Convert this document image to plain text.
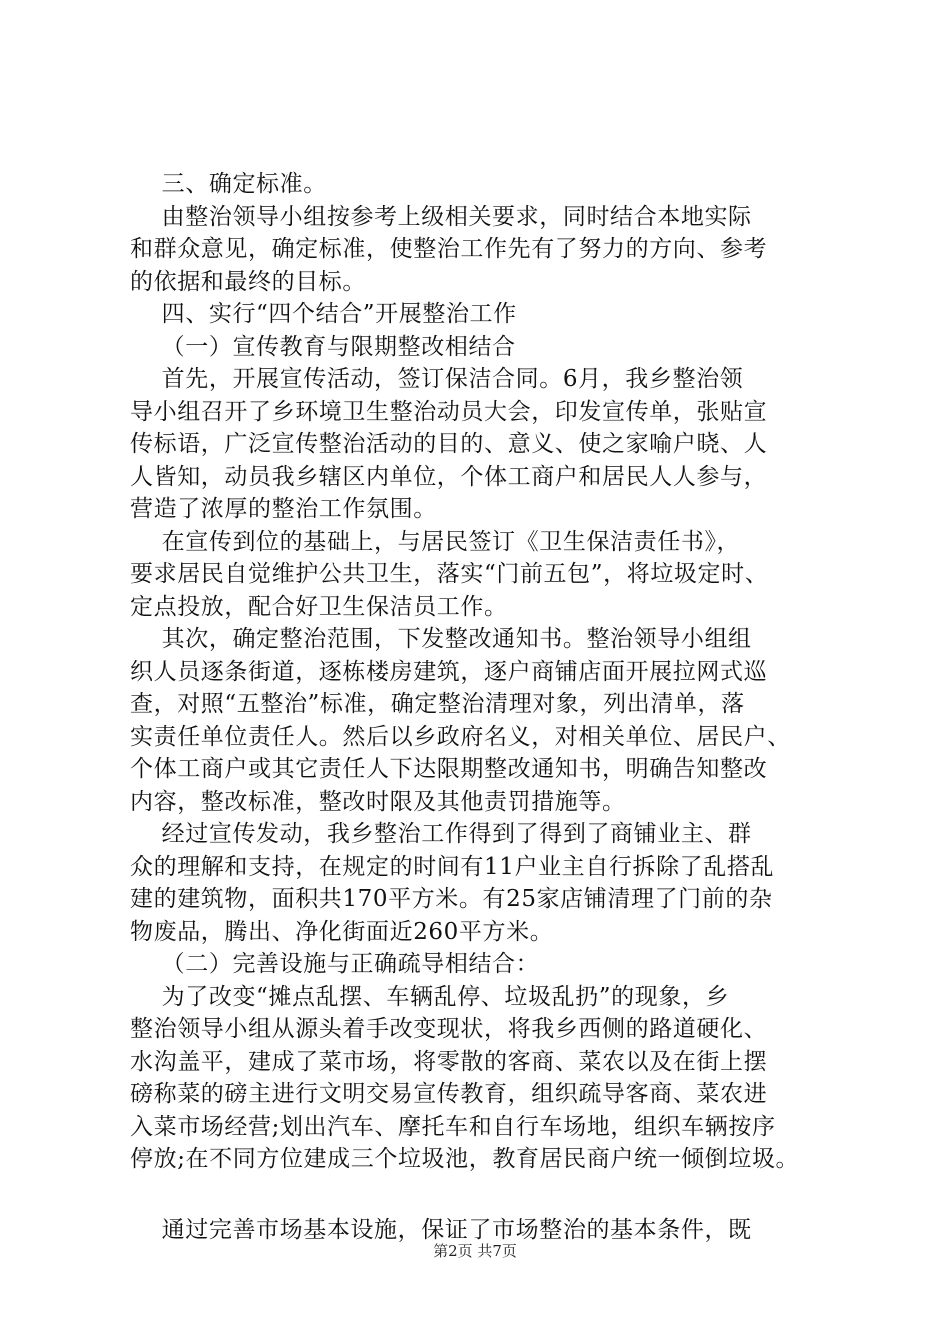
三、确定标准。
由整治领导小组按参考上级相关要求，同时结合本地实际
和群众意见，确定标准，使整治工作先有了努力的方向、参考
的依据和最终的目标。
四、实行“四个结合”开展整治工作
（一）宣传教育与限期整改相结合
首先，开展宣传活动，签订保洁合同。6月，我乡整治领
导小组召开了乡环境卫生整治动员大会，印发宣传单，张贴宣
传标语，广泛宣传整治活动的目的、意义、使之家喻户晓、人
人皆知，动员我乡辖区内单位，个体工商户和居民人人参与，
营造了浓厚的整治工作氛围。
在宣传到位的基础上，与居民签订《卫生保洁责任书》，
要求居民自觉维护公共卫生，落实“门前五包”，将垃圾定时、
定点投放，配合好卫生保洁员工作。
其次，确定整治范围，下发整改通知书。整治领导小组组
织人员逐条街道，逐栋楼房建筑，逐户商铺店面开展拉网式巡
查，对照“五整治”标准，确定整治清理对象，列出清单，落
实责任单位责任人。然后以乡政府名义，对相关单位、居民户、
个体工商户或其它责任人下达限期整改通知书，明确告知整改
内容，整改标准，整改时限及其他责罚措施等。
经过宣传发动，我乡整治工作得到了得到了商铺业主、群
众的理解和支持，在规定的时间有11户业主自行拆除了乱搭乱
建的建筑物，面积共170平方米。有25家店铺清理了门前的杂
物废品，腾出、净化街面近260平方米。
（二）完善设施与正确疏导相结合：
为了改变“摊点乱摆、车辆乱停、垃圾乱扔”的现象，乡
整治领导小组从源头着手改变现状，将我乡西侧的路道硬化、
水沟盖平，建成了菜市场，将零散的客商、菜农以及在街上摆
磅称菜的磅主进行文明交易宣传教育，组织疏导客商、菜农进
入菜市场经营;划出汽车、摩托车和自行车场地，组织车辆按序
停放;在不同方位建成三个垃圾池，教育居民商户统一倾倒垃圾。
通过完善市场基本设施，保证了市场整治的基本条件，既
第2页 共7页
